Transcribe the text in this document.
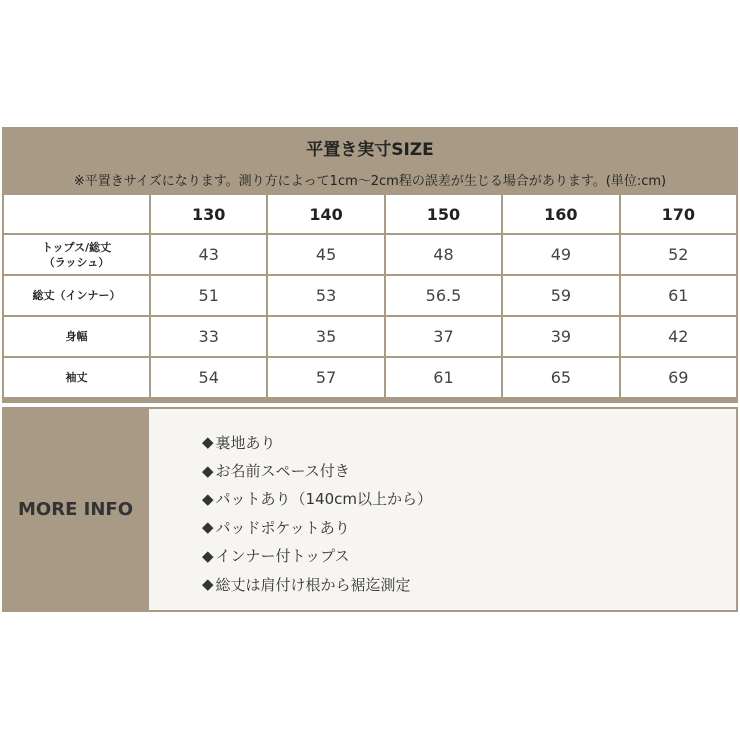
平置き実寸SIZE
※平置きサイズになります。測り方によって1cm～2cm程の誤差が生じる場合があります。(単位:cm)
	130	140	150	160	170

トップス/総丈
（ラッシュ）	43	45	48	49	52

総丈（インナー）	51	53	56.5	59	61

身幅	33	35	37	39	42

袖丈	54	57	61	65	69
MORE INFO
◆ 裏地あり
◆ お名前スペース付き
◆ パットあり（140cm以上から）
◆ パッドポケットあり
◆ インナー付トップス
◆ 総丈は肩付け根から裾迄測定
